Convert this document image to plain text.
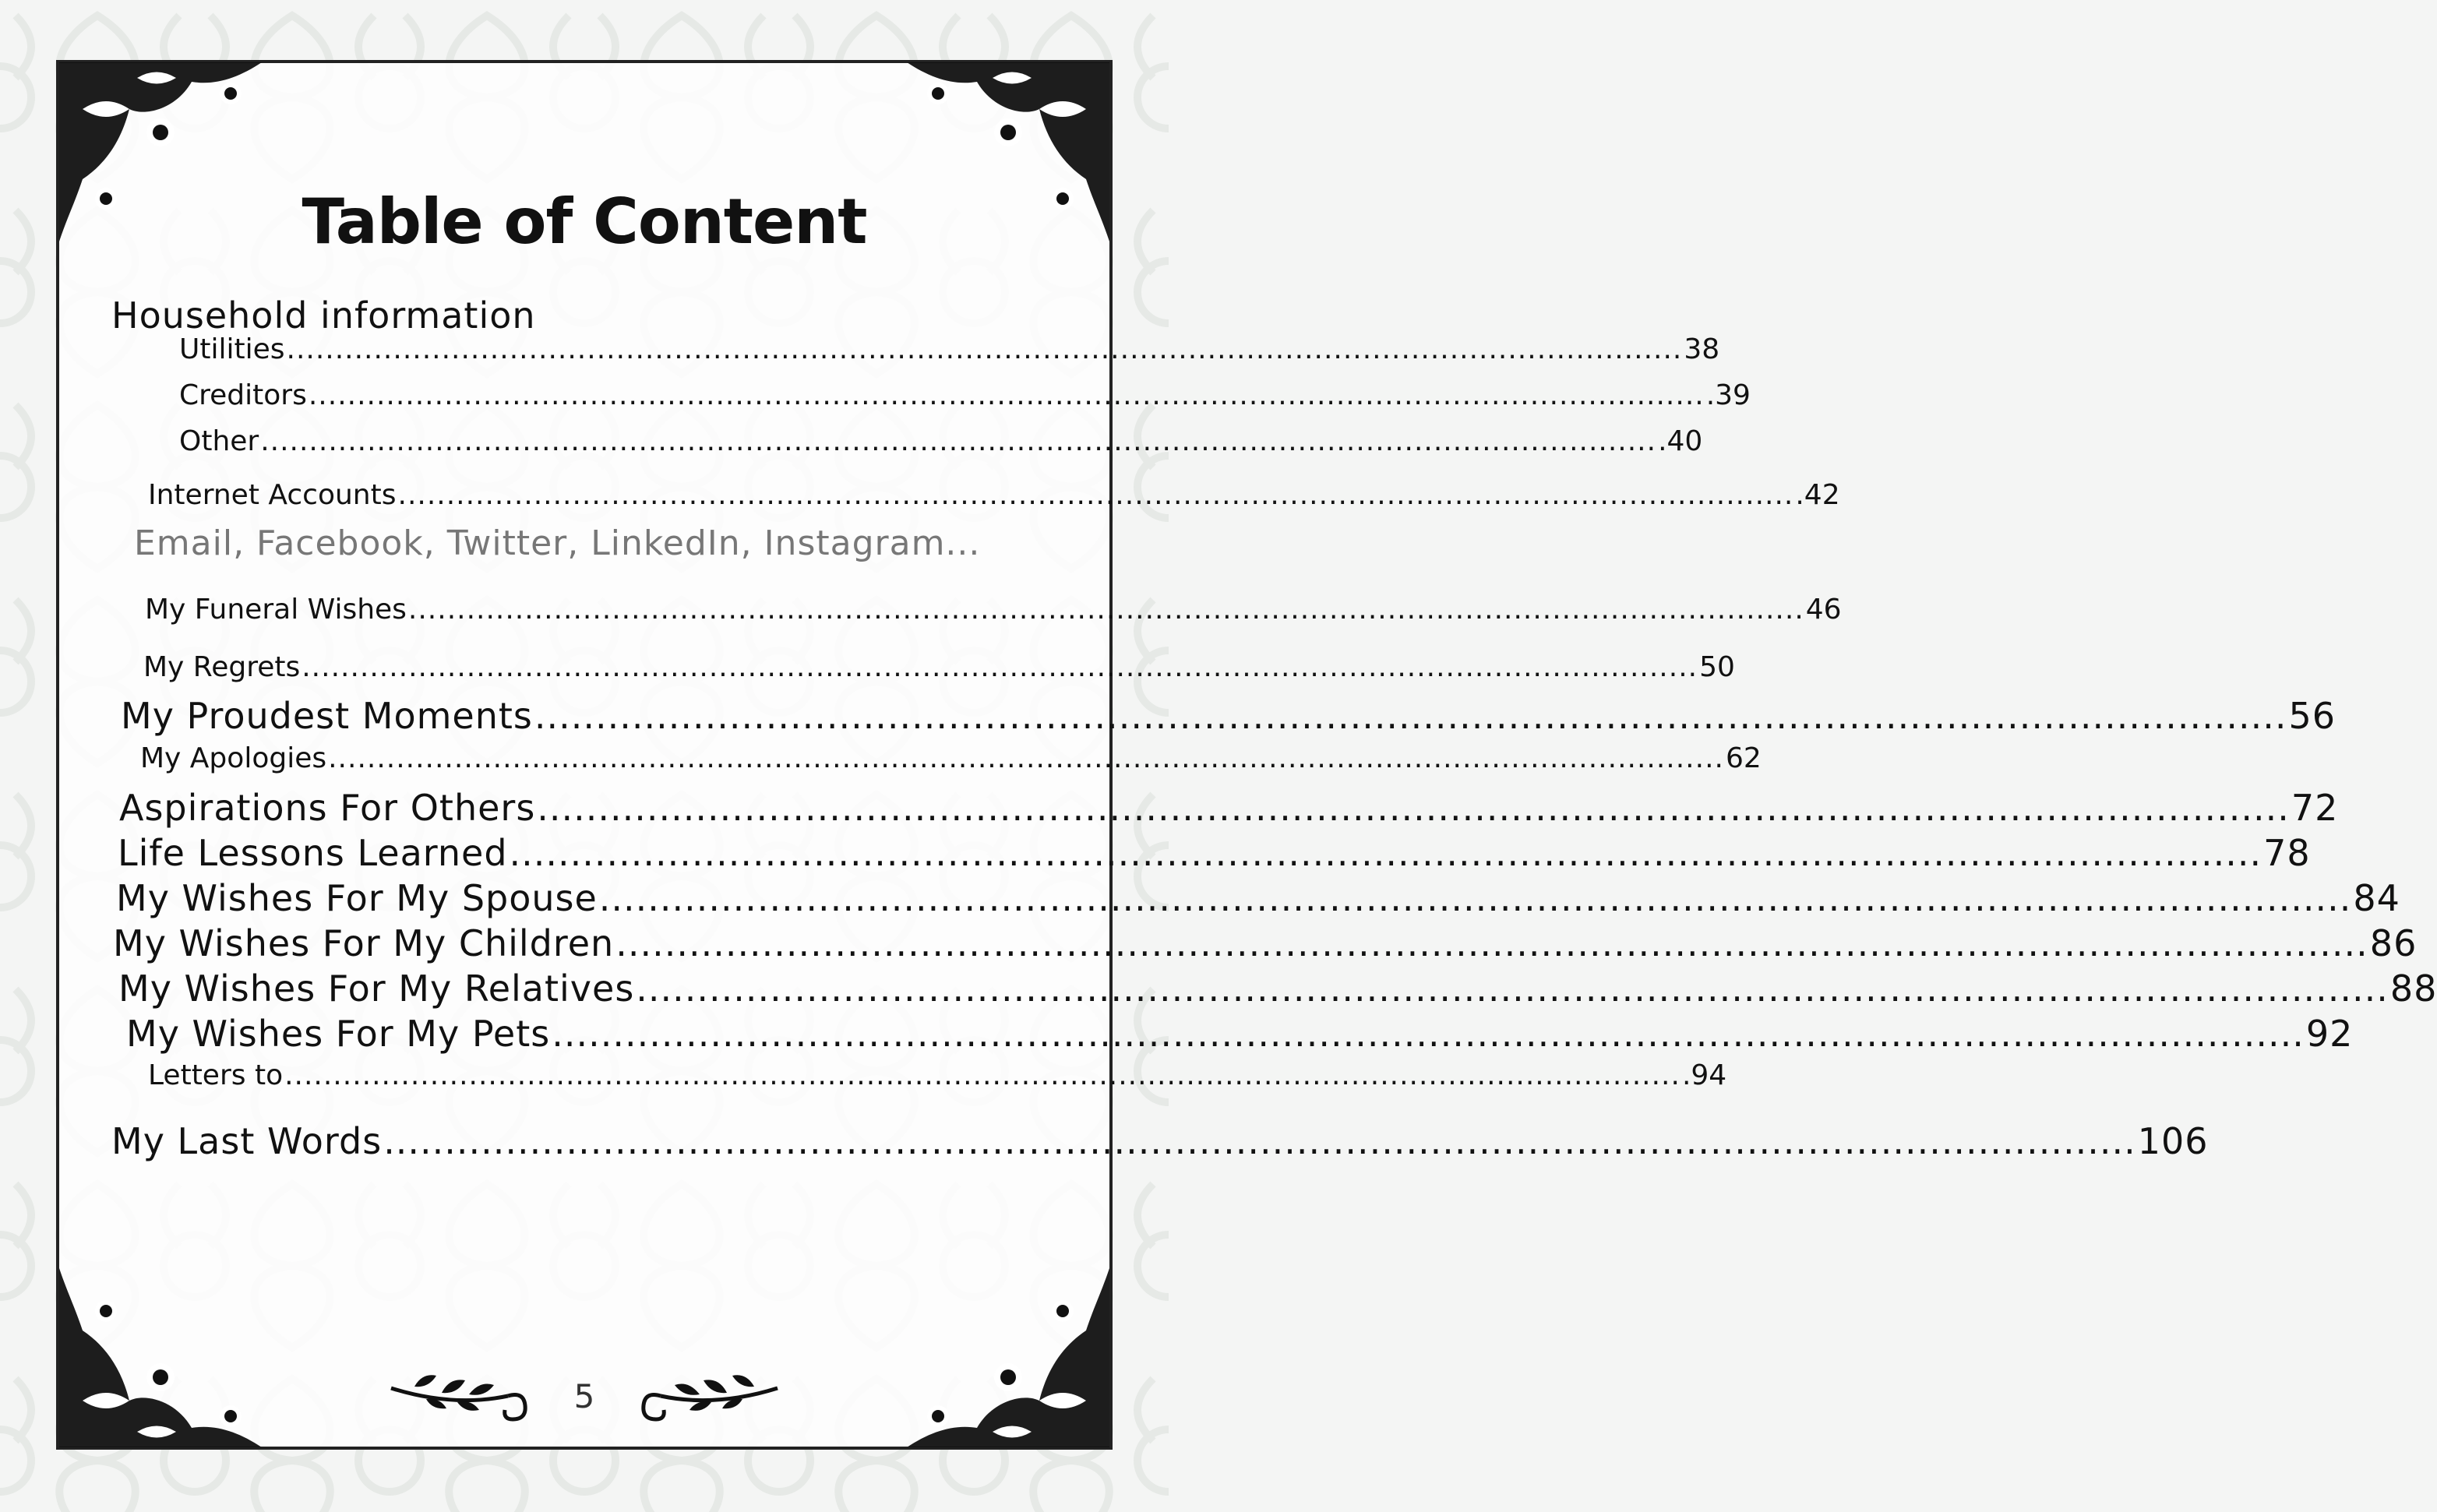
Table of Content
Household information
Utilities ................................................................................................................................................ 38
Creditors ................................................................................................................................................ .39
Other ................................................................................................................................................ .40
Internet Accounts ................................................................................................................................................ .42
Email, Facebook, Twitter, LinkedIn, Instagram...
My Funeral Wishes ................................................................................................................................................ 46
My Regrets ................................................................................................................................................ 50
My Proudest Moments ................................................................................................................................................ 56
My Apologies ................................................................................................................................................ 62
Aspirations For Others ................................................................................................................................................ 72
Life Lessons Learned ................................................................................................................................................ 78
My Wishes For My Spouse ................................................................................................................................................ 84
My Wishes For My Children ................................................................................................................................................ 86
My Wishes For My Relatives ................................................................................................................................................ 88
My Wishes For My Pets ................................................................................................................................................ 92
Letters to ................................................................................................................................................ .94
My Last Words ................................................................................................................................................ 106
5
